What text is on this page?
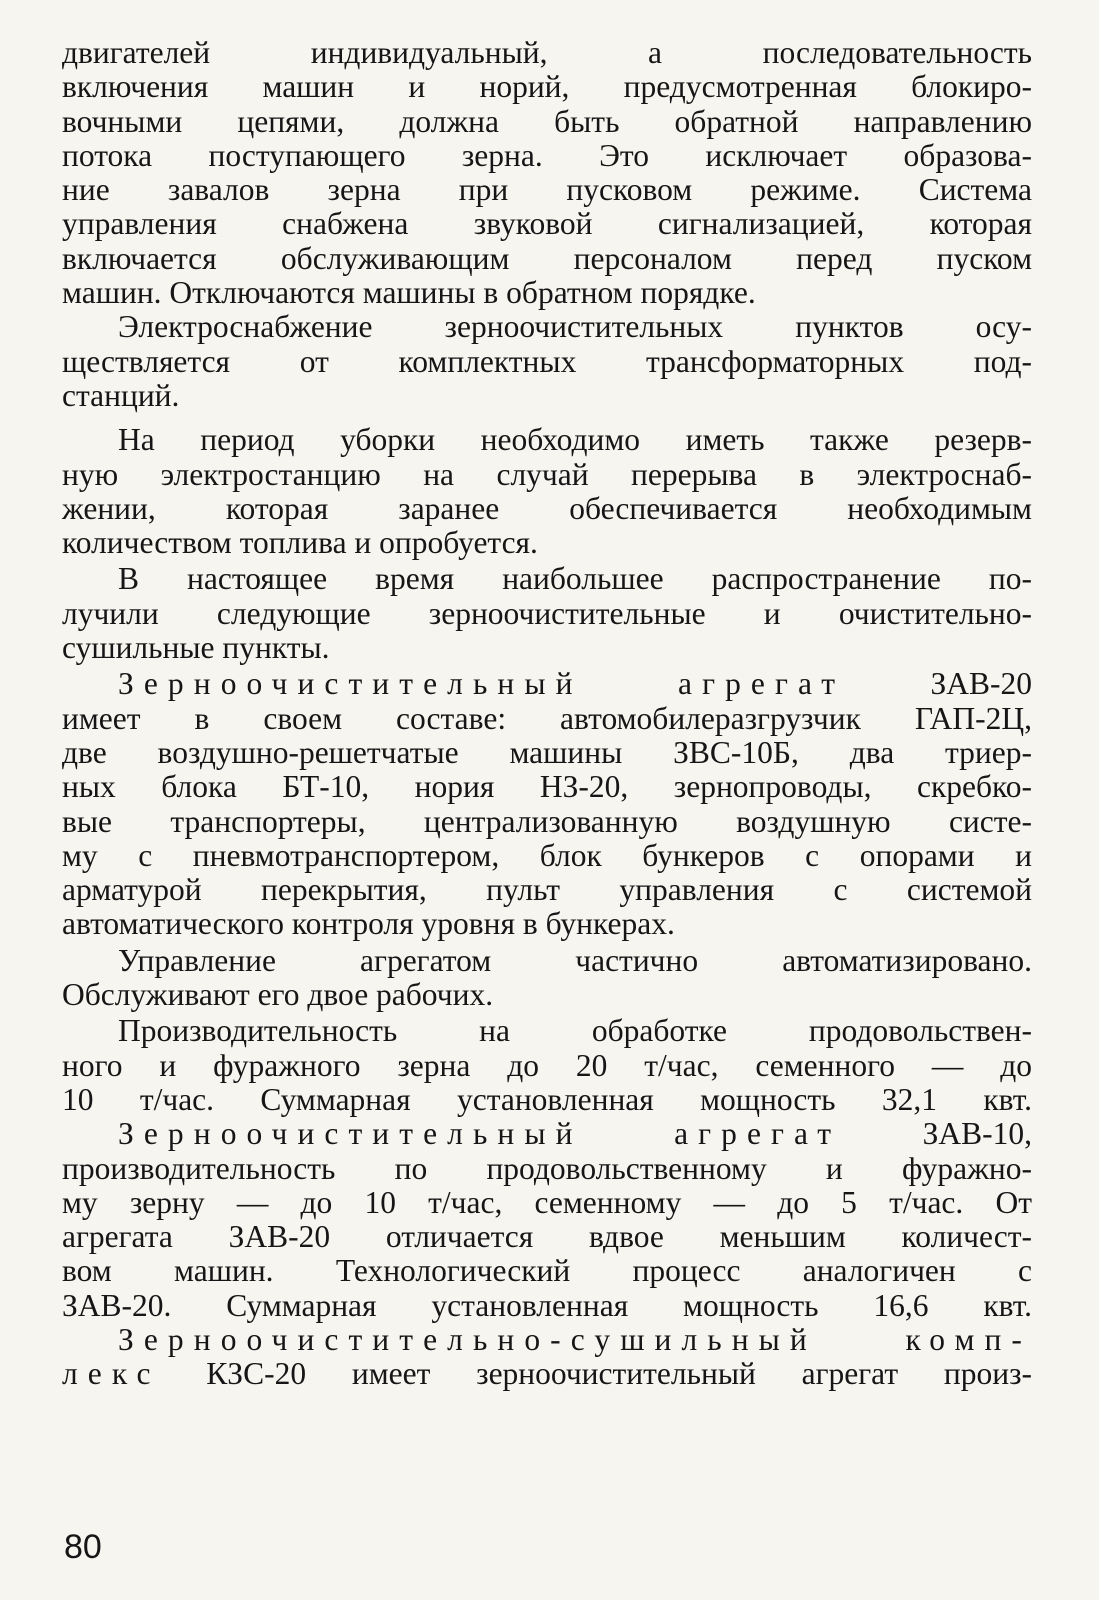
двигателей индивидуальный, а последовательность
включения машин и норий, предусмотренная блокиро-
вочными цепями, должна быть обратной направлению
потока поступающего зерна. Это исключает образова-
ние завалов зерна при пусковом режиме. Система
управления снабжена звуковой сигнализацией, которая
включается обслуживающим персоналом перед пуском
машин. Отключаются машины в обратном порядке.

Электроснабжение зерноочистительных пунктов осу-
ществляется от комплектных трансформаторных под-
станций.

На период уборки необходимо иметь также резерв-
ную электростанцию на случай перерыва в электроснаб-
жении, которая заранее обеспечивается необходимым
количеством топлива и опробуется.

В настоящее время наибольшее распространение по-
лучили следующие зерноочистительные и очистительно-
сушильные пункты.

Зерноочистительный агрегат	ЗАВ-20
имеет в своем составе: автомобилеразгрузчик ГАП-2Ц,
две воздушно-решетчатые машины ЗВС-10Б, два триер-
ных блока БТ-10, нория НЗ-20, зернопроводы, скребко-
вые транспортеры, централизованную воздушную систе-
му с пневмотранспортером, блок бункеров с опорами и
арматурой перекрытия, пульт управления с системой
автоматического контроля уровня в бункерах.

Управление агрегатом частично автоматизировано.
Обслуживают его двое рабочих.

Производительность на обработке продовольствен-
ного и фуражного зерна до 20 т/час, семенного — до
10 т/час. Суммарная установленная мощность 32,1 квт.

Зерноочистительный агрегат	ЗАВ-10,
производительность по продовольственному и фуражно-
му зерну — до 10 т/час, семенному — до 5 т/час. От
агрегата ЗАВ-20 отличается вдвое меньшим количест-
вом машин. Технологический процесс аналогичен с
ЗАВ-20. Суммарная установленная мощность 16,6 квт.

Зерноочистительно-сушильный комп-
лекс КЗС-20 имеет зерноочистительный агрегат произ-

80
